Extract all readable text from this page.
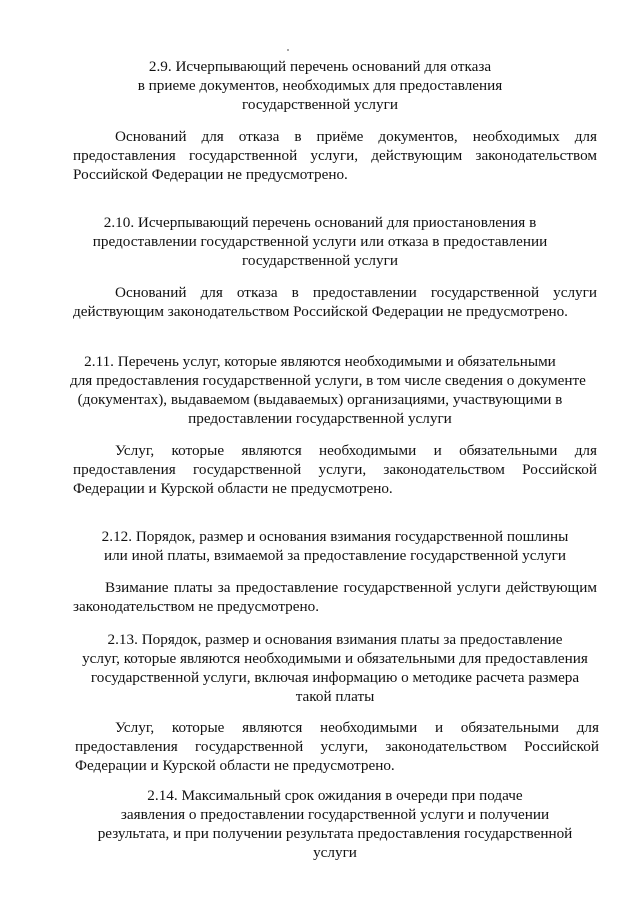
2.9. Исчерпывающий перечень оснований для отказа
в приеме документов, необходимых для предоставления
государственной услуги
Оснований для отказа в приёме документов, необходимых для
предоставления государственной услуги, действующим законодательством
Российской Федерации не предусмотрено.
2.10. Исчерпывающий перечень оснований для приостановления в
предоставлении государственной услуги или отказа в предоставлении
государственной услуги
Оснований для отказа в предоставлении государственной услуги
действующим законодательством Российской Федерации не предусмотрено.
2.11. Перечень услуг, которые являются необходимыми и обязательными
для предоставления государственной услуги, в том числе сведения о документе
(документах), выдаваемом (выдаваемых) организациями, участвующими в
предоставлении государственной услуги
Услуг, которые являются необходимыми и обязательными для
предоставления государственной услуги, законодательством Российской
Федерации и Курской области не предусмотрено.
2.12. Порядок, размер и основания взимания государственной пошлины
или иной платы, взимаемой за предоставление государственной услуги
Взимание платы за предоставление государственной услуги действующим
законодательством не предусмотрено.
2.13. Порядок, размер и основания взимания платы за предоставление
услуг, которые являются необходимыми и обязательными для предоставления
государственной услуги, включая информацию о методике расчета размера
такой платы
Услуг, которые являются необходимыми и обязательными для
предоставления государственной услуги, законодательством Российской
Федерации и Курской области не предусмотрено.
2.14. Максимальный срок ожидания в очереди при подаче
заявления о предоставлении государственной услуги и получении
результата, и при получении результата предоставления государственной
услуги
